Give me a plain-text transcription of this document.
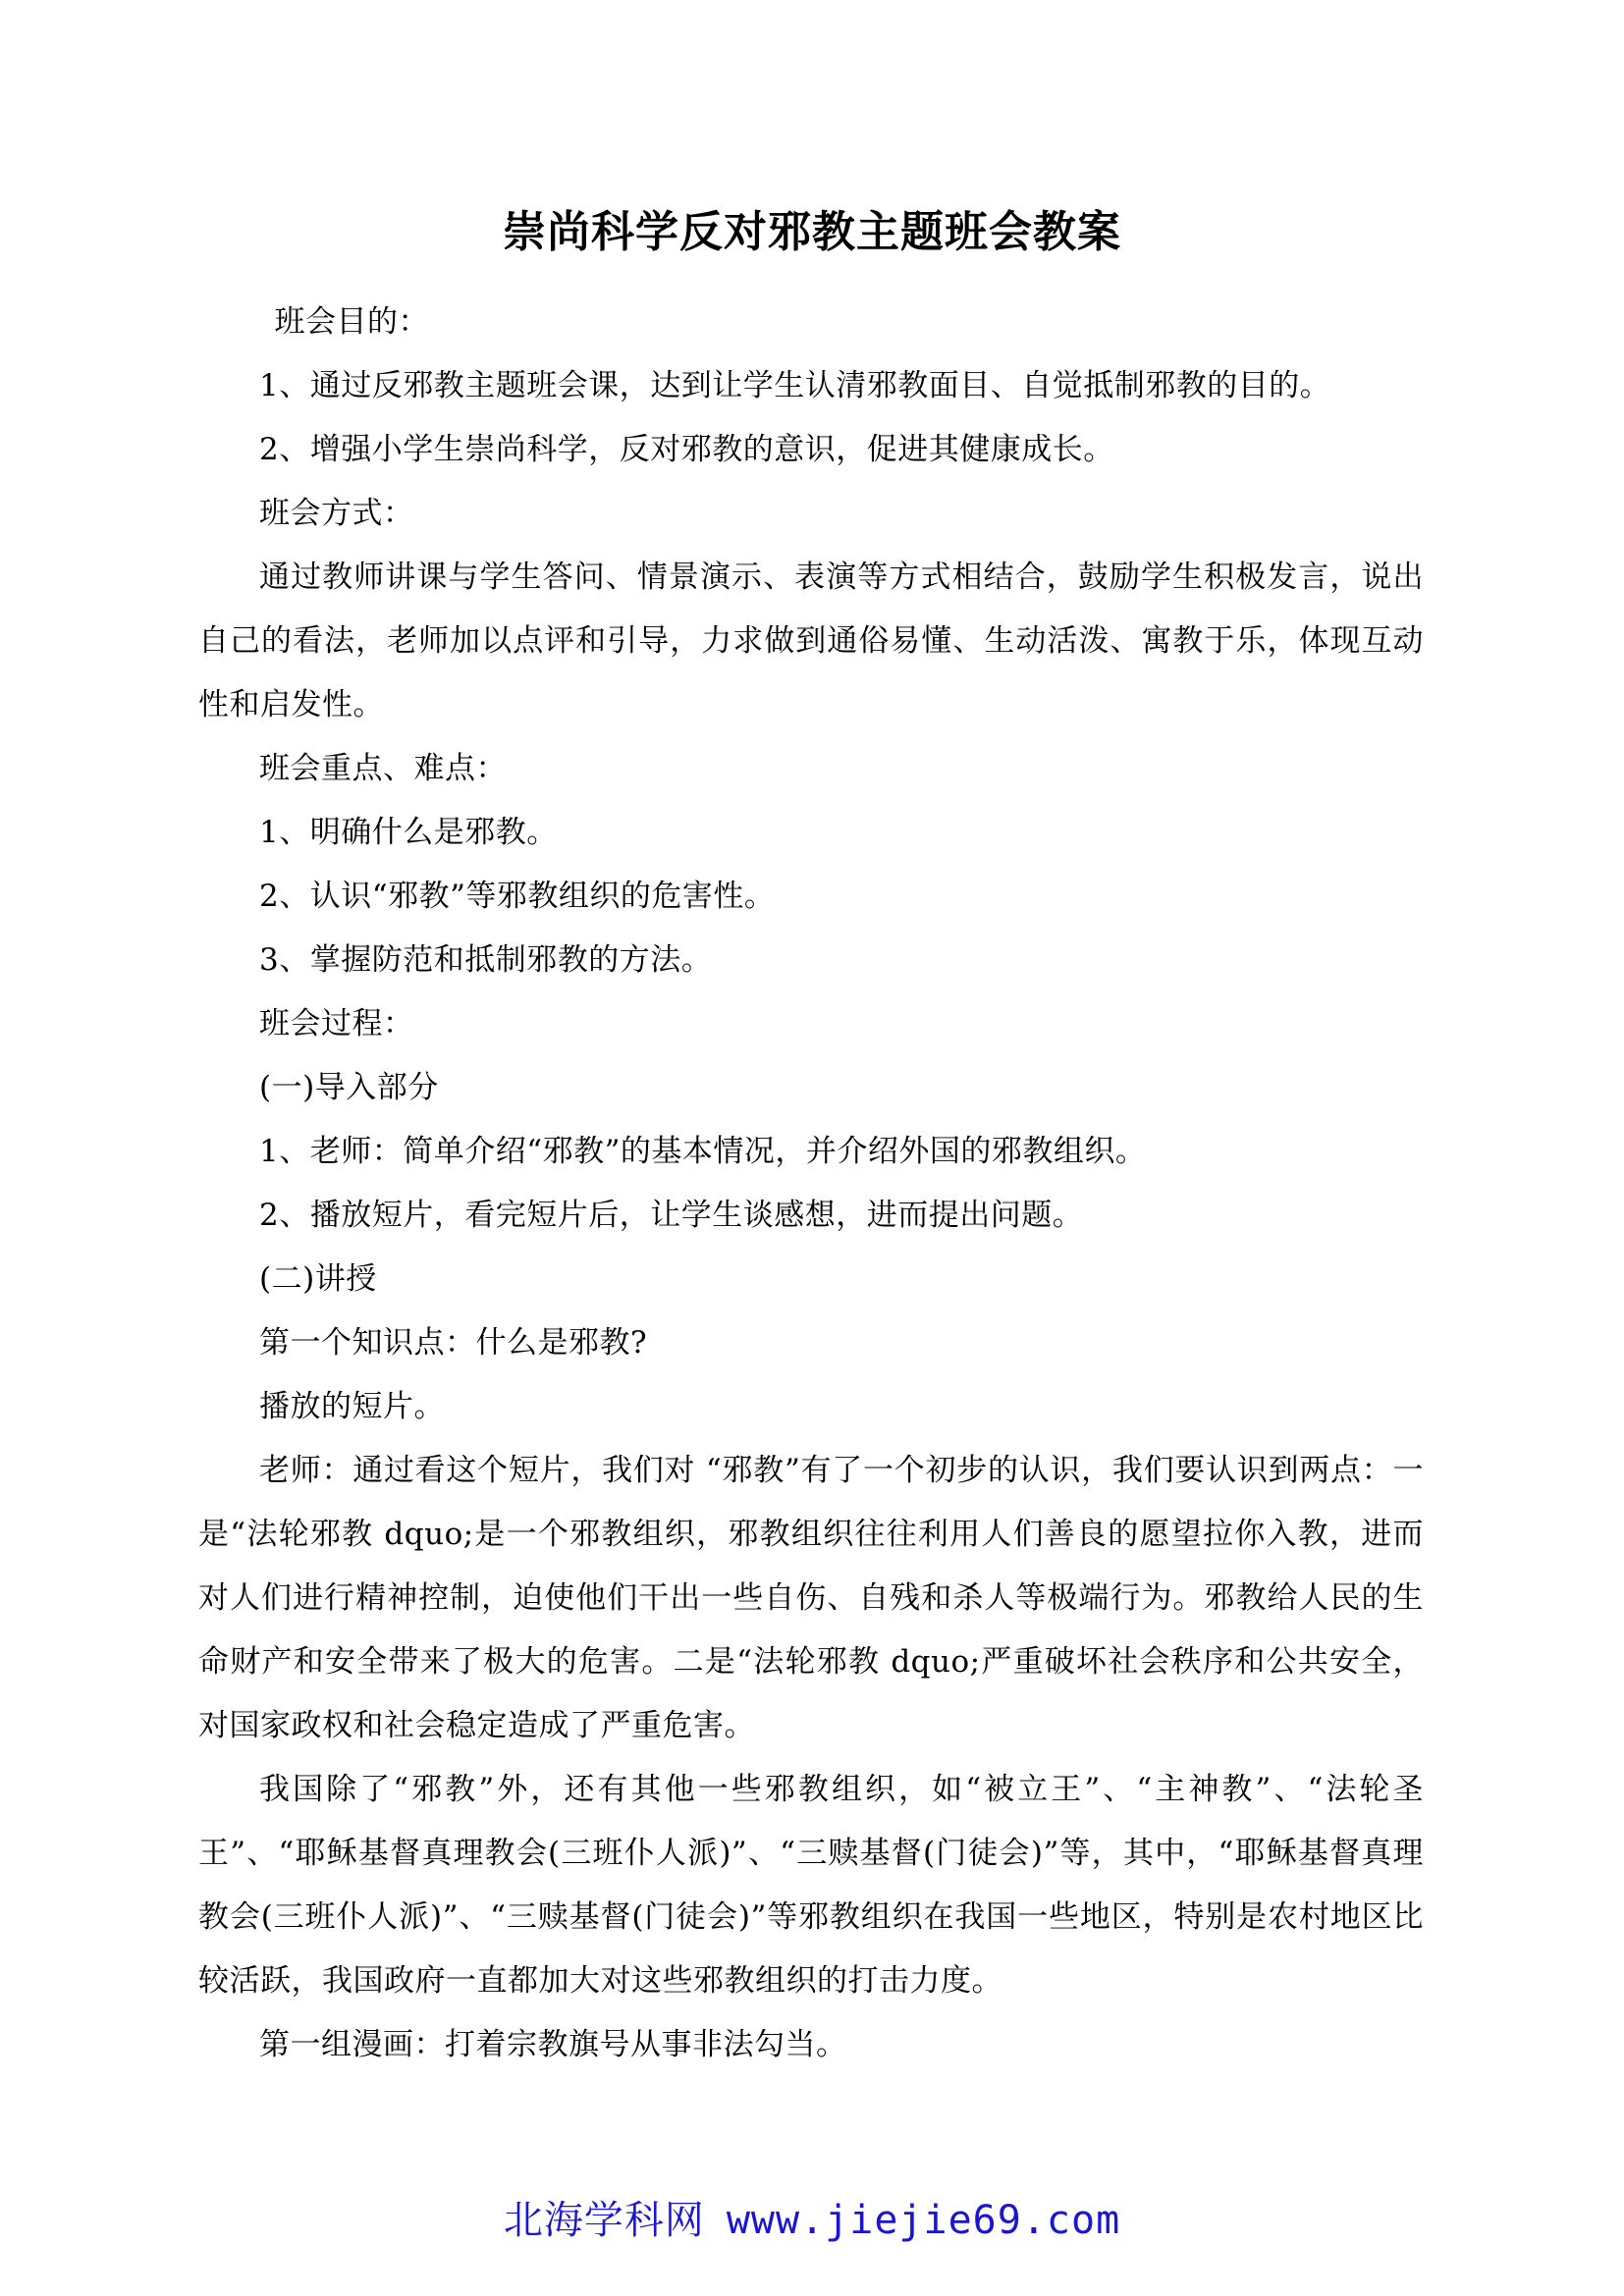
崇尚科学反对邪教主题班会教案

班会目的：

1、通过反邪教主题班会课，达到让学生认清邪教面目、自觉抵制邪教的目的。

2、增强小学生崇尚科学，反对邪教的意识，促进其健康成长。

班会方式：

通过教师讲课与学生答问、情景演示、表演等方式相结合，鼓励学生积极发言，说出自己的看法，老师加以点评和引导，力求做到通俗易懂、生动活泼、寓教于乐，体现互动性和启发性。

班会重点、难点：

1、明确什么是邪教。

2、认识“邪教”等邪教组织的危害性。

3、掌握防范和抵制邪教的方法。

班会过程：

(一)导入部分

1、老师：简单介绍“邪教”的基本情况，并介绍外国的邪教组织。

2、播放短片，看完短片后，让学生谈感想，进而提出问题。

(二)讲授

第一个知识点：什么是邪教?

播放的短片。

老师：通过看这个短片，我们对 “邪教”有了一个初步的认识，我们要认识到两点：一是“法轮邪教 dquo;是一个邪教组织，邪教组织往往利用人们善良的愿望拉你入教，进而对人们进行精神控制，迫使他们干出一些自伤、自残和杀人等极端行为。邪教给人民的生命财产和安全带来了极大的危害。二是“法轮邪教 dquo;严重破坏社会秩序和公共安全，对国家政权和社会稳定造成了严重危害。

我国除了“邪教”外，还有其他一些邪教组织，如“被立王”、“主神教”、“法轮圣王”、“耶稣基督真理教会(三班仆人派)”、“三赎基督(门徒会)”等，其中，“耶稣基督真理教会(三班仆人派)”、“三赎基督(门徒会)”等邪教组织在我国一些地区，特别是农村地区比较活跃，我国政府一直都加大对这些邪教组织的打击力度。

第一组漫画：打着宗教旗号从事非法勾当。

北海学科网 www.jiejie69.com
